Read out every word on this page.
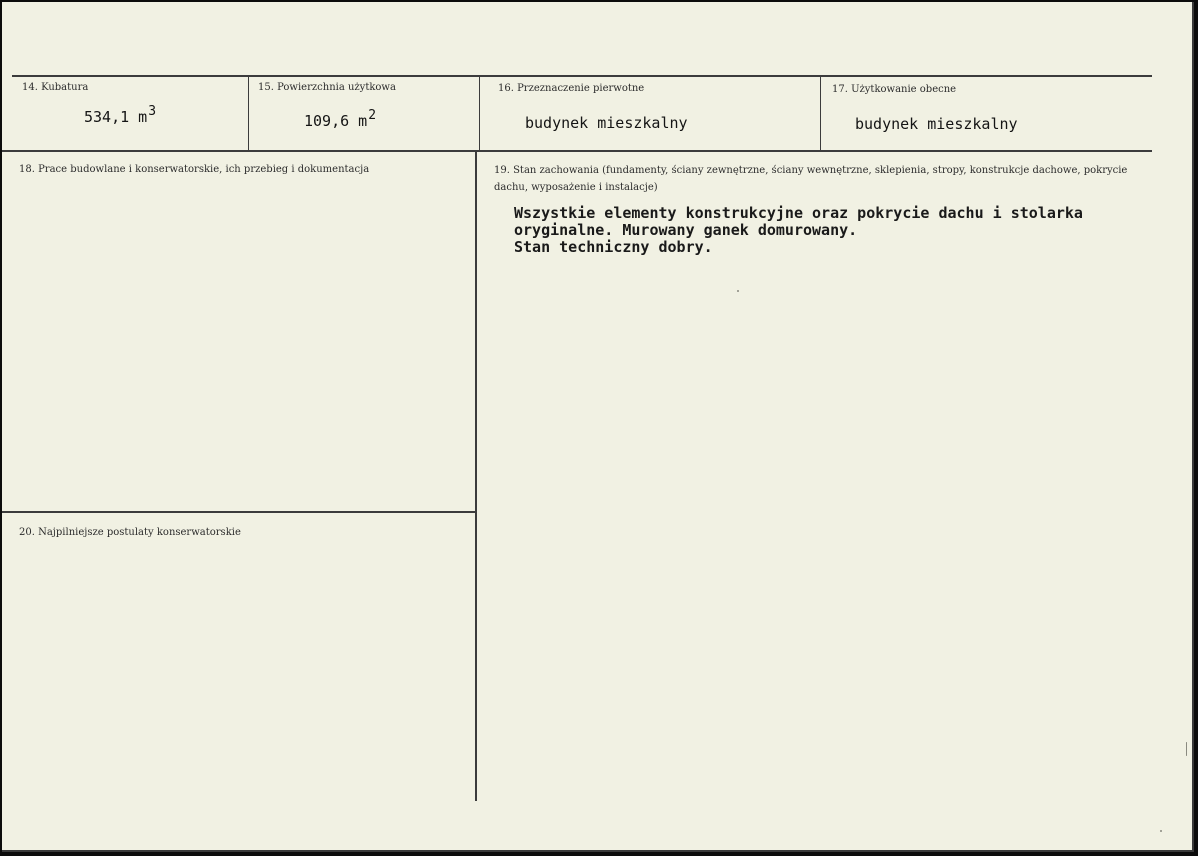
14. Kubatura
534,1 $m^3$
15. Powierzchnia użytkowa
109,6 $m^2$
16. Przeznaczenie pierwotne
budynek mieszkalny
17. Użytkowanie obecne
budynek mieszkalny
18. Prace budowlane i konserwatorskie, ich przebieg i dokumentacja	19. Stan zachowania (fundamenty, ściany zewnętrzne, ściany wewnętrzne, sklepienia, stropy, konstrukcje dachowe, pokrycie dachu, wyposażenie i instalacje)
Wszystkie elementy konstrukcyjne oraz pokrycie dachu i stolarka
oryginalne. Murowany ganek domurowany.
Stan techniczny dobry.
20. Najpilniejsze postulaty konserwatorskie
